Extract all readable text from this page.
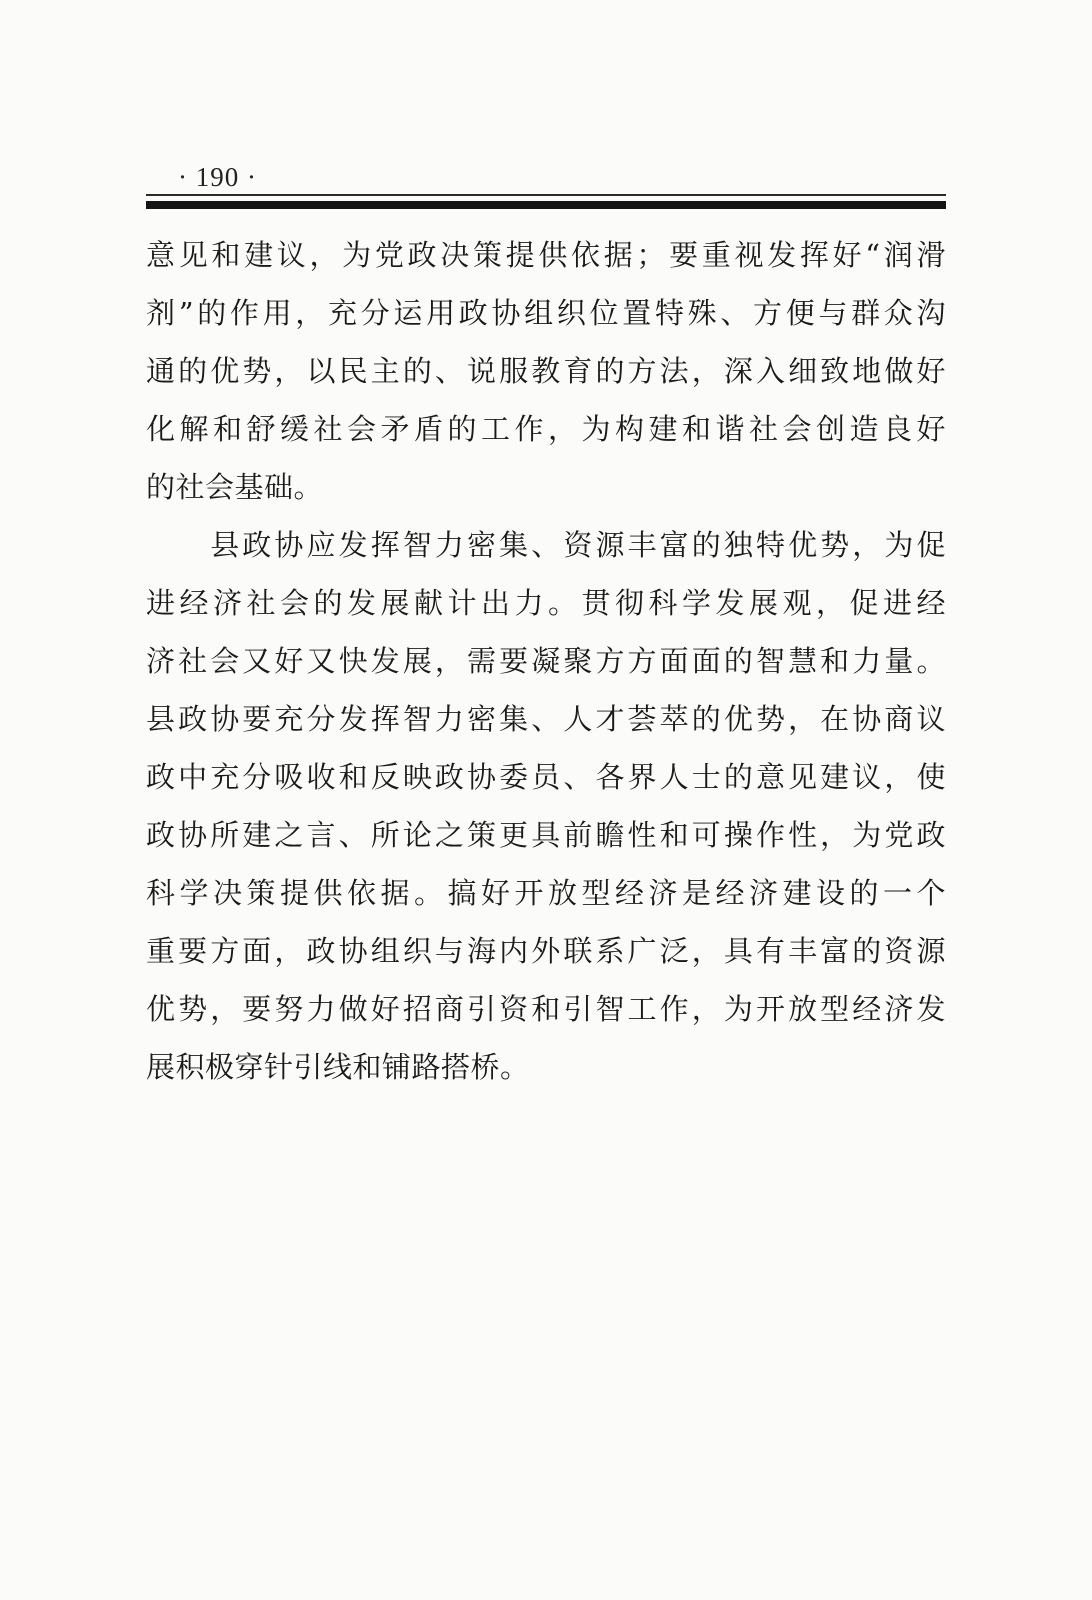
· 190 ·
意见和建议，为党政决策提供依据；要重视发挥好“润滑
剂”的作用，充分运用政协组织位置特殊、方便与群众沟
通的优势，以民主的、说服教育的方法，深入细致地做好
化解和舒缓社会矛盾的工作，为构建和谐社会创造良好
的社会基础。
　　县政协应发挥智力密集、资源丰富的独特优势，为促
进经济社会的发展献计出力。贯彻科学发展观，促进经
济社会又好又快发展，需要凝聚方方面面的智慧和力量。
县政协要充分发挥智力密集、人才荟萃的优势，在协商议
政中充分吸收和反映政协委员、各界人士的意见建议，使
政协所建之言、所论之策更具前瞻性和可操作性，为党政
科学决策提供依据。搞好开放型经济是经济建设的一个
重要方面，政协组织与海内外联系广泛，具有丰富的资源
优势，要努力做好招商引资和引智工作，为开放型经济发
展积极穿针引线和铺路搭桥。
